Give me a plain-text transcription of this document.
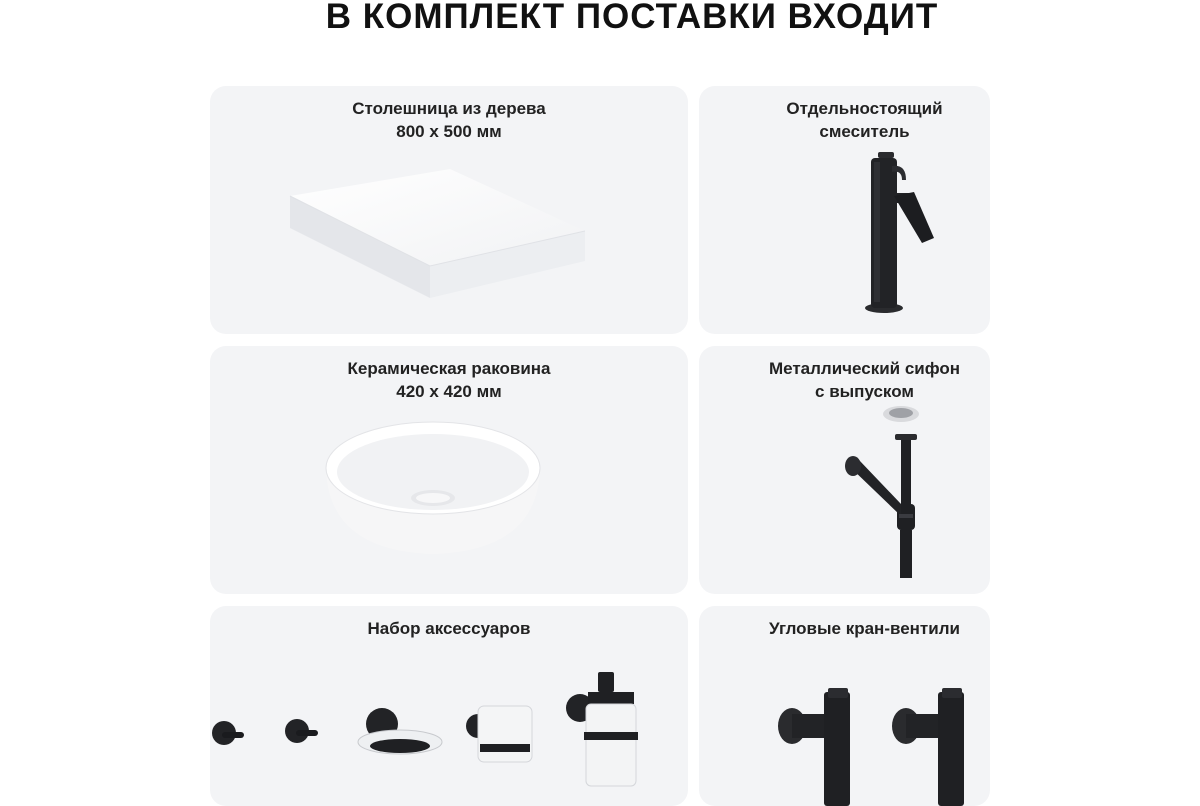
В КОМПЛЕКТ ПОСТАВКИ ВХОДИТ
Столешница из дерева
800 х 500 мм
Отдельностоящий
смеситель
Керамическая раковина
420 х 420 мм
Металлический сифон
с выпуском
Набор аксессуаров	Угловые кран-вентили
